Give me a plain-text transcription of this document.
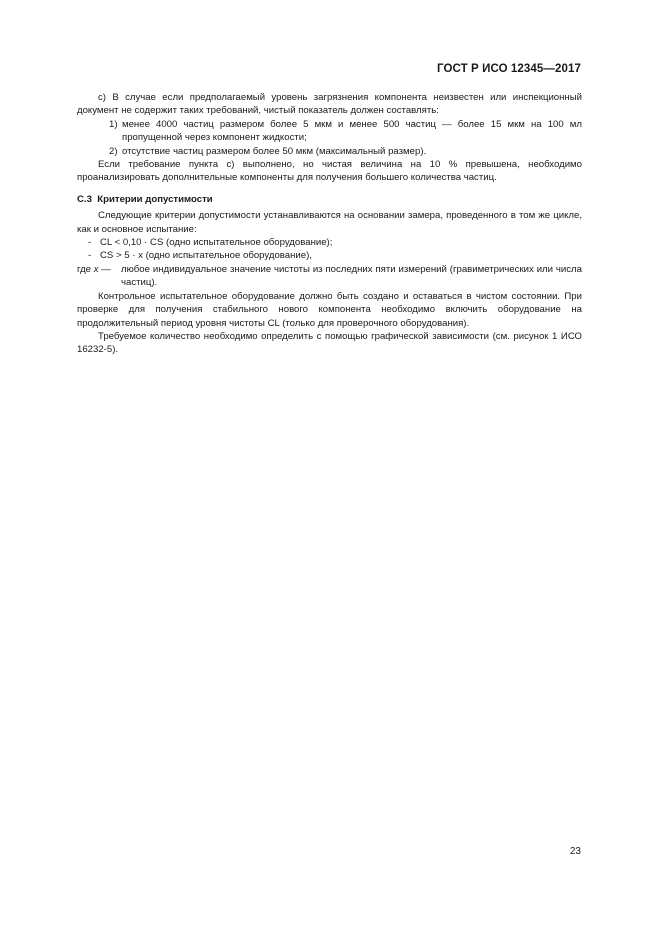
ГОСТ Р ИСО 12345—2017

с) В случае если предполагаемый уровень загрязнения компонента неизвестен или инспекционный документ не содержит таких требований, чистый показатель должен составлять:

1) менее 4000 частиц размером более 5 мкм и менее 500 частиц — более 15 мкм на 100 мл пропущенной через компонент жидкости;
2) отсутствие частиц размером более 50 мкм (максимальный размер).

Если требование пункта с) выполнено, но чистая величина на 10 % превышена, необходимо проанализировать дополнительные компоненты для получения большего количества частиц.

C.3 Критерии допустимости

Следующие критерии допустимости устанавливаются на основании замера, проведенного в том же цикле, как и основное испытание:

- CL < 0,10 · CS (одно испытательное оборудование);
- CS > 5 · x (одно испытательное оборудование),
где x —	любое индивидуальное значение чистоты из последних пяти измерений (гравиметрических или числа частиц).

Контрольное испытательное оборудование должно быть создано и оставаться в чистом состоянии. При проверке для получения стабильного нового компонента необходимо включить оборудование на продолжительный период уровня чистоты CL (только для проверочного оборудования).

Требуемое количество необходимо определить с помощью графической зависимости (см. рисунок 1 ИСО 16232-5).

23
